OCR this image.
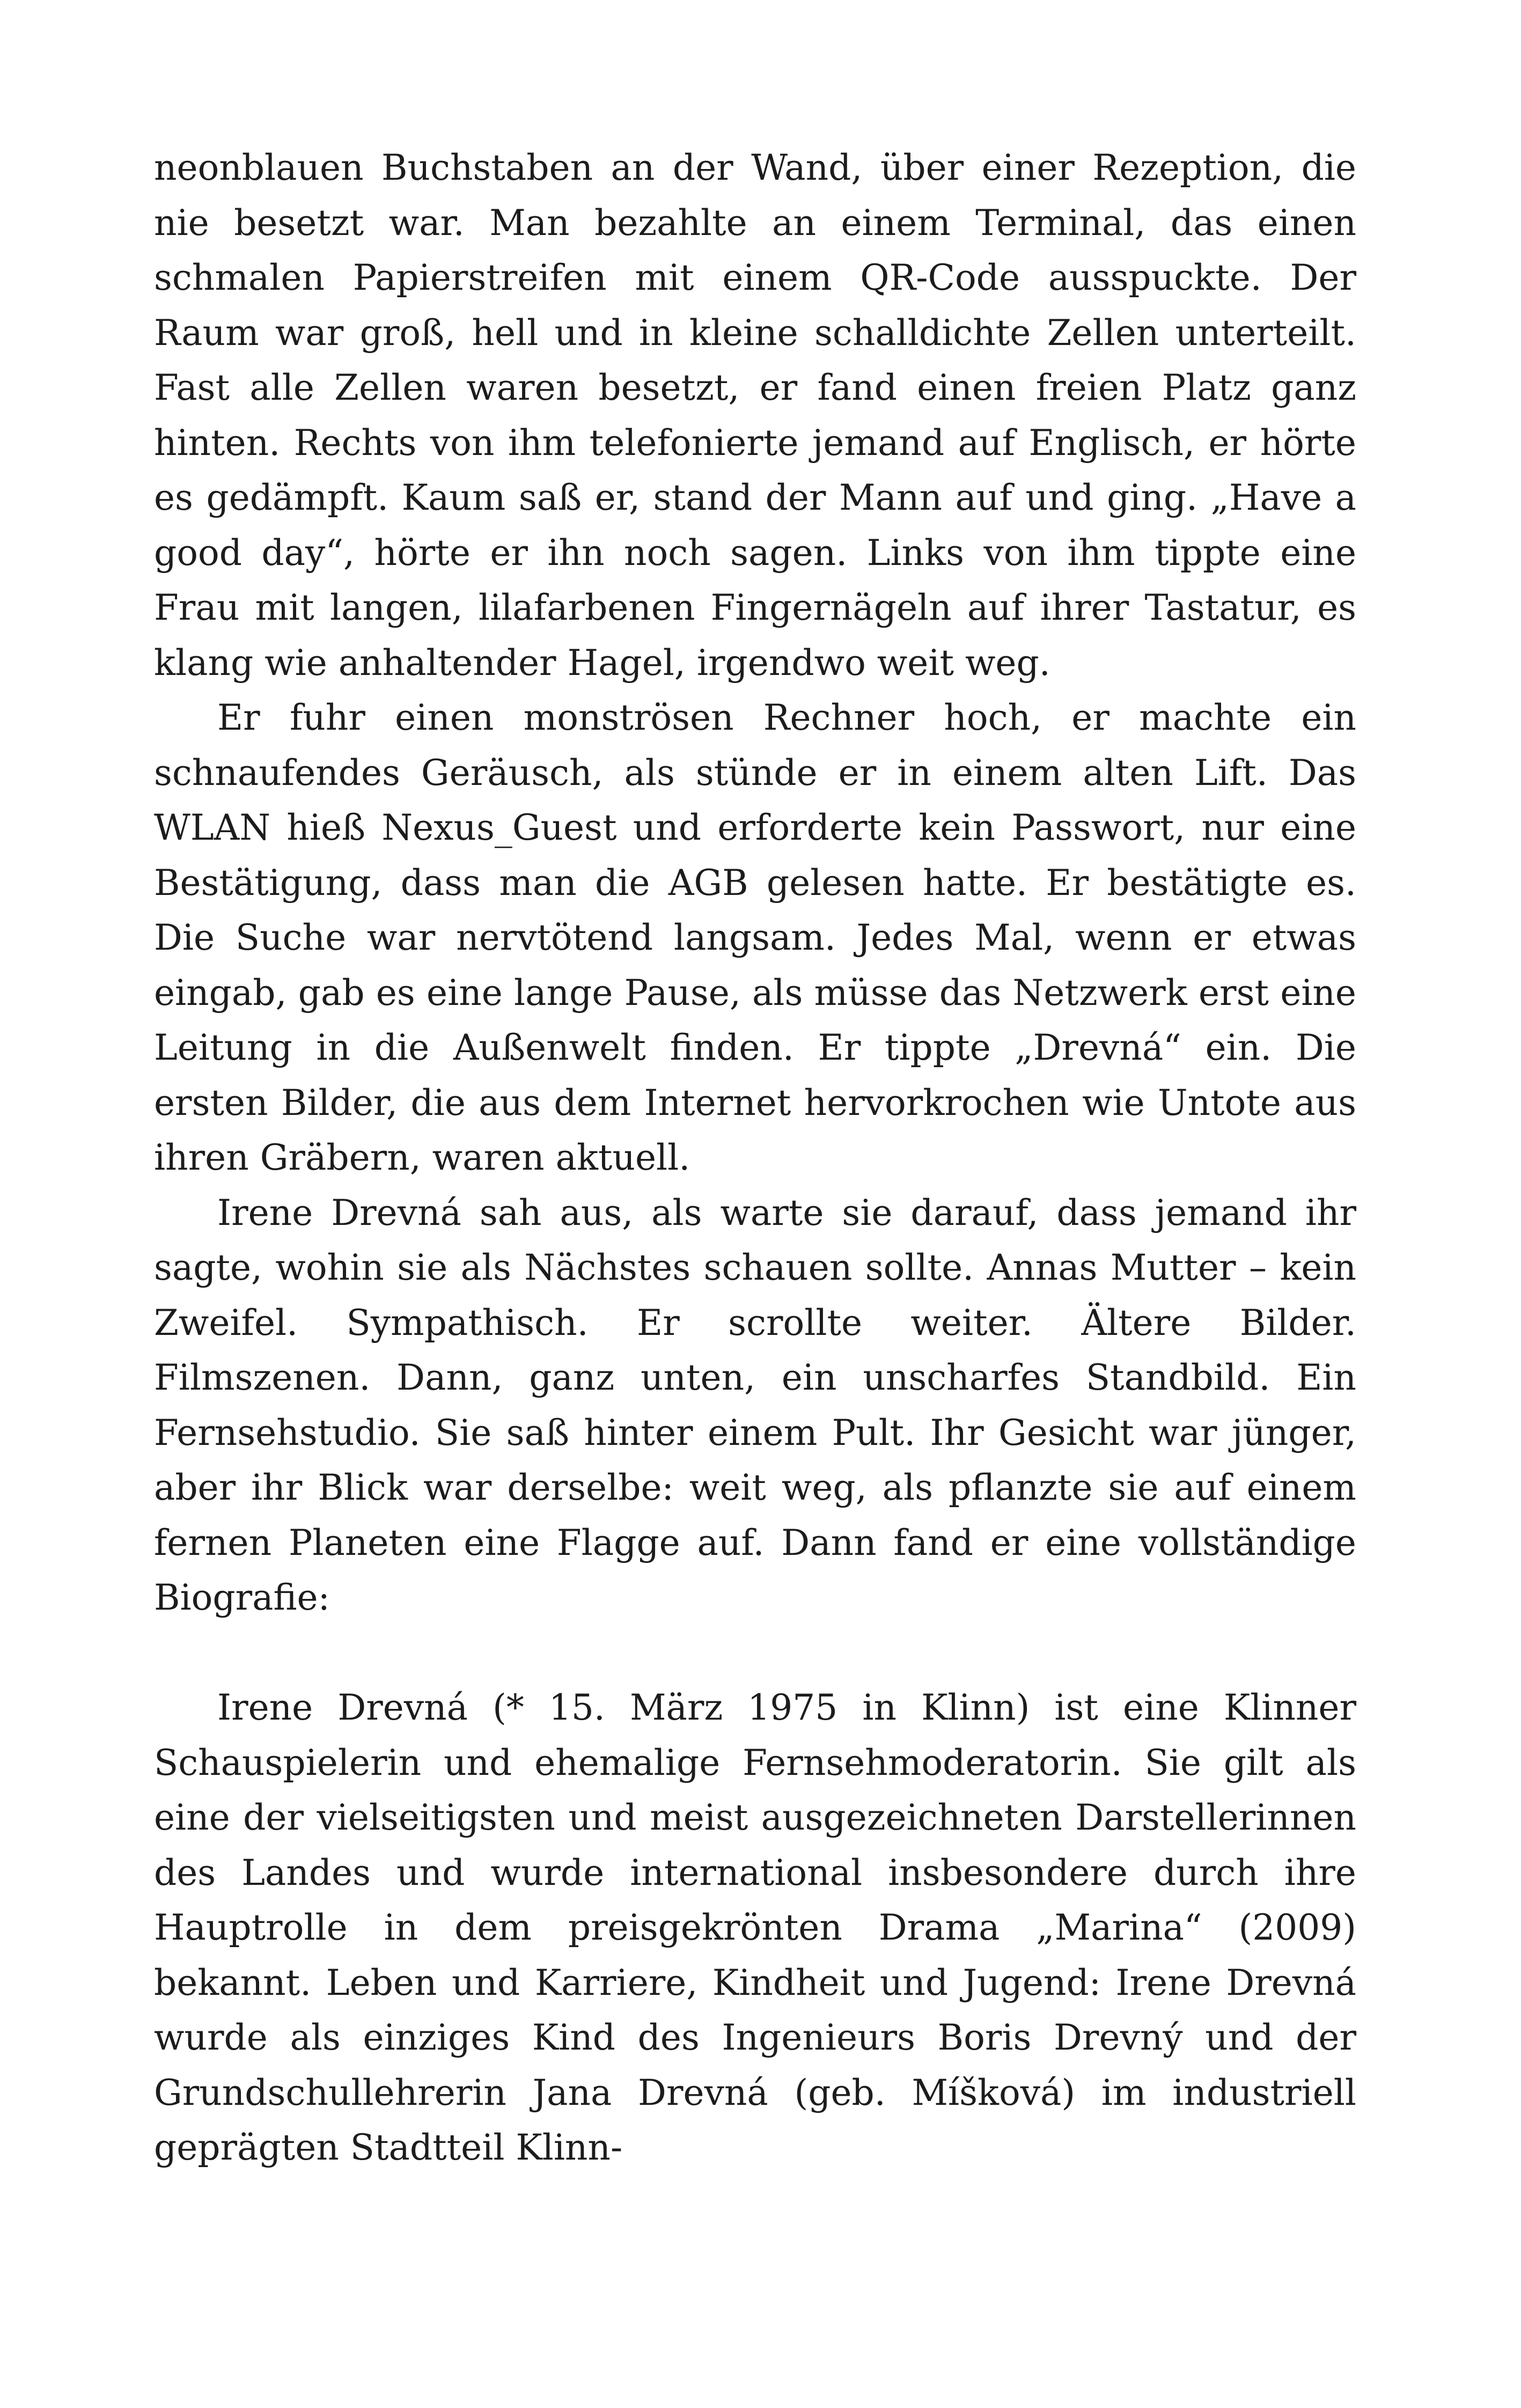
neonblauen Buchstaben an der Wand, über einer Rezeption, die nie besetzt war. Man bezahlte an einem Terminal, das einen schmalen Papierstreifen mit einem QR-Code ausspuckte. Der Raum war groß, hell und in kleine schalldichte Zellen unterteilt. Fast alle Zellen waren besetzt, er fand einen freien Platz ganz hinten. Rechts von ihm telefonierte jemand auf Englisch, er hörte es gedämpft. Kaum saß er, stand der Mann auf und ging. „Have a good day“, hörte er ihn noch sagen. Links von ihm tippte eine Frau mit langen, lilafarbenen Fingernägeln auf ihrer Tastatur, es klang wie anhaltender Hagel, irgendwo weit weg.

Er fuhr einen monströsen Rechner hoch, er machte ein schnaufendes Geräusch, als stünde er in einem alten Lift. Das WLAN hieß Nexus_Guest und erforderte kein Passwort, nur eine Bestätigung, dass man die AGB gelesen hatte. Er bestätigte es. Die Suche war nervtötend langsam. Jedes Mal, wenn er etwas eingab, gab es eine lange Pause, als müsse das Netzwerk erst eine Leitung in die Außenwelt finden. Er tippte „Drevná“ ein. Die ersten Bilder, die aus dem Internet hervorkrochen wie Untote aus ihren Gräbern, waren aktuell.

Irene Drevná sah aus, als warte sie darauf, dass jemand ihr sagte, wohin sie als Nächstes schauen sollte. Annas Mutter – kein Zweifel. Sympathisch. Er scrollte weiter. Ältere Bilder. Filmszenen. Dann, ganz unten, ein unscharfes Standbild. Ein Fernsehstudio. Sie saß hinter einem Pult. Ihr Gesicht war jünger, aber ihr Blick war derselbe: weit weg, als pflanzte sie auf einem fernen Planeten eine Flagge auf. Dann fand er eine vollständige Biografie:

Irene Drevná (* 15. März 1975 in Klinn) ist eine Klinner Schauspielerin und ehemalige Fernsehmoderatorin. Sie gilt als eine der vielseitigsten und meist ausgezeichneten Darstellerinnen des Landes und wurde international insbesondere durch ihre Hauptrolle in dem preisgekrönten Drama „Marina“ (2009) bekannt. Leben und Karriere, Kindheit und Jugend: Irene Drevná wurde als einziges Kind des Ingenieurs Boris Drevný und der Grundschullehrerin Jana Drevná (geb. Míšková) im industriell geprägten Stadtteil Klinn-
